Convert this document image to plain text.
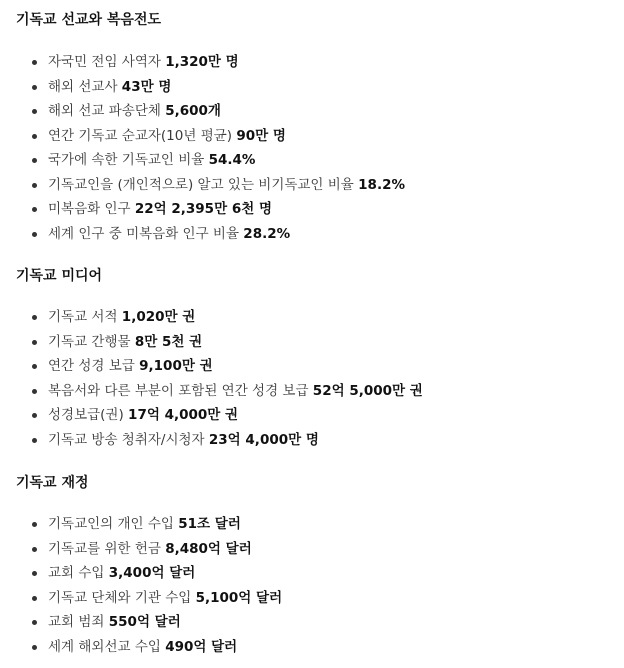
기독교 선교와 복음전도
자국민 전임 사역자 1,320만 명
해외 선교사 43만 명
해외 선교 파송단체 5,600개
연간 기독교 순교자(10년 평균) 90만 명
국가에 속한 기독교인 비율 54.4%
기독교인을 (개인적으로) 알고 있는 비기독교인 비율 18.2%
미복음화 인구 22억 2,395만 6천 명
세계 인구 중 미복음화 인구 비율 28.2%
기독교 미디어
기독교 서적 1,020만 권
기독교 간행물 8만 5천 권
연간 성경 보급 9,100만 권
복음서와 다른 부분이 포함된 연간 성경 보급 52억 5,000만 권
성경보급(권) 17억 4,000만 권
기독교 방송 청취자/시청자 23억 4,000만 명
기독교 재정
기독교인의 개인 수입 51조 달러
기독교를 위한 헌금 8,480억 달러
교회 수입 3,400억 달러
기독교 단체와 기관 수입 5,100억 달러
교회 범죄 550억 달러
세계 해외선교 수입 490억 달러
